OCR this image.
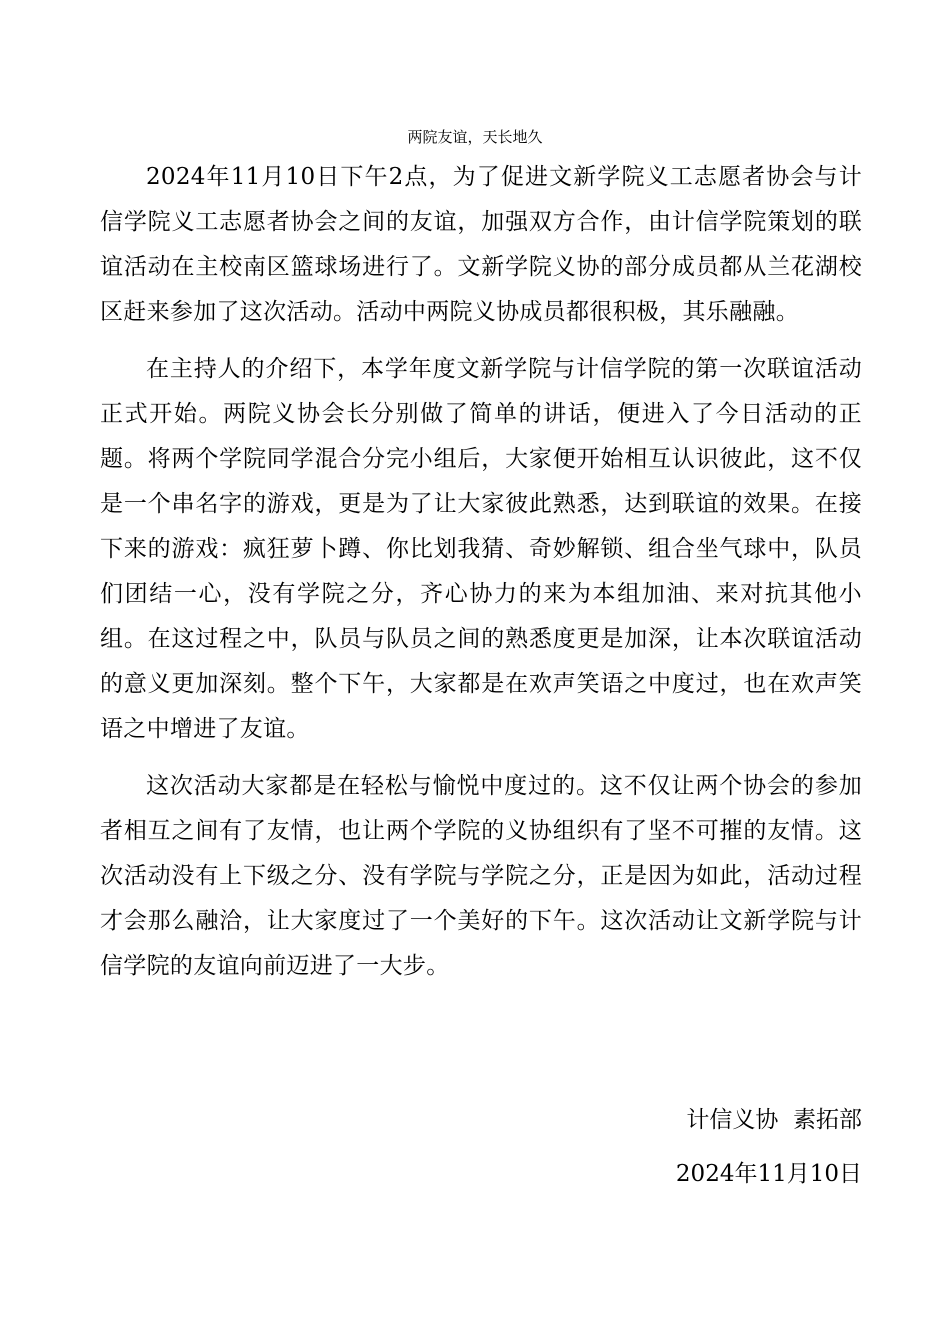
两院友谊，天长地久

2024年11月10日下午2点，为了促进文新学院义工志愿者协会与计信学院义工志愿者协会之间的友谊，加强双方合作，由计信学院策划的联谊活动在主校南区篮球场进行了。文新学院义协的部分成员都从兰花湖校区赶来参加了这次活动。活动中两院义协成员都很积极，其乐融融。

在主持人的介绍下，本学年度文新学院与计信学院的第一次联谊活动正式开始。两院义协会长分别做了简单的讲话，便进入了今日活动的正题。将两个学院同学混合分完小组后，大家便开始相互认识彼此，这不仅是一个串名字的游戏，更是为了让大家彼此熟悉，达到联谊的效果。在接下来的游戏：疯狂萝卜蹲、你比划我猜、奇妙解锁、组合坐气球中，队员们团结一心，没有学院之分，齐心协力的来为本组加油、来对抗其他小组。在这过程之中，队员与队员之间的熟悉度更是加深，让本次联谊活动的意义更加深刻。整个下午，大家都是在欢声笑语之中度过，也在欢声笑语之中增进了友谊。

这次活动大家都是在轻松与愉悦中度过的。这不仅让两个协会的参加者相互之间有了友情，也让两个学院的义协组织有了坚不可摧的友情。这次活动没有上下级之分、没有学院与学院之分，正是因为如此，活动过程才会那么融洽，让大家度过了一个美好的下午。这次活动让文新学院与计信学院的友谊向前迈进了一大步。

计信义协  素拓部

2024年11月10日
